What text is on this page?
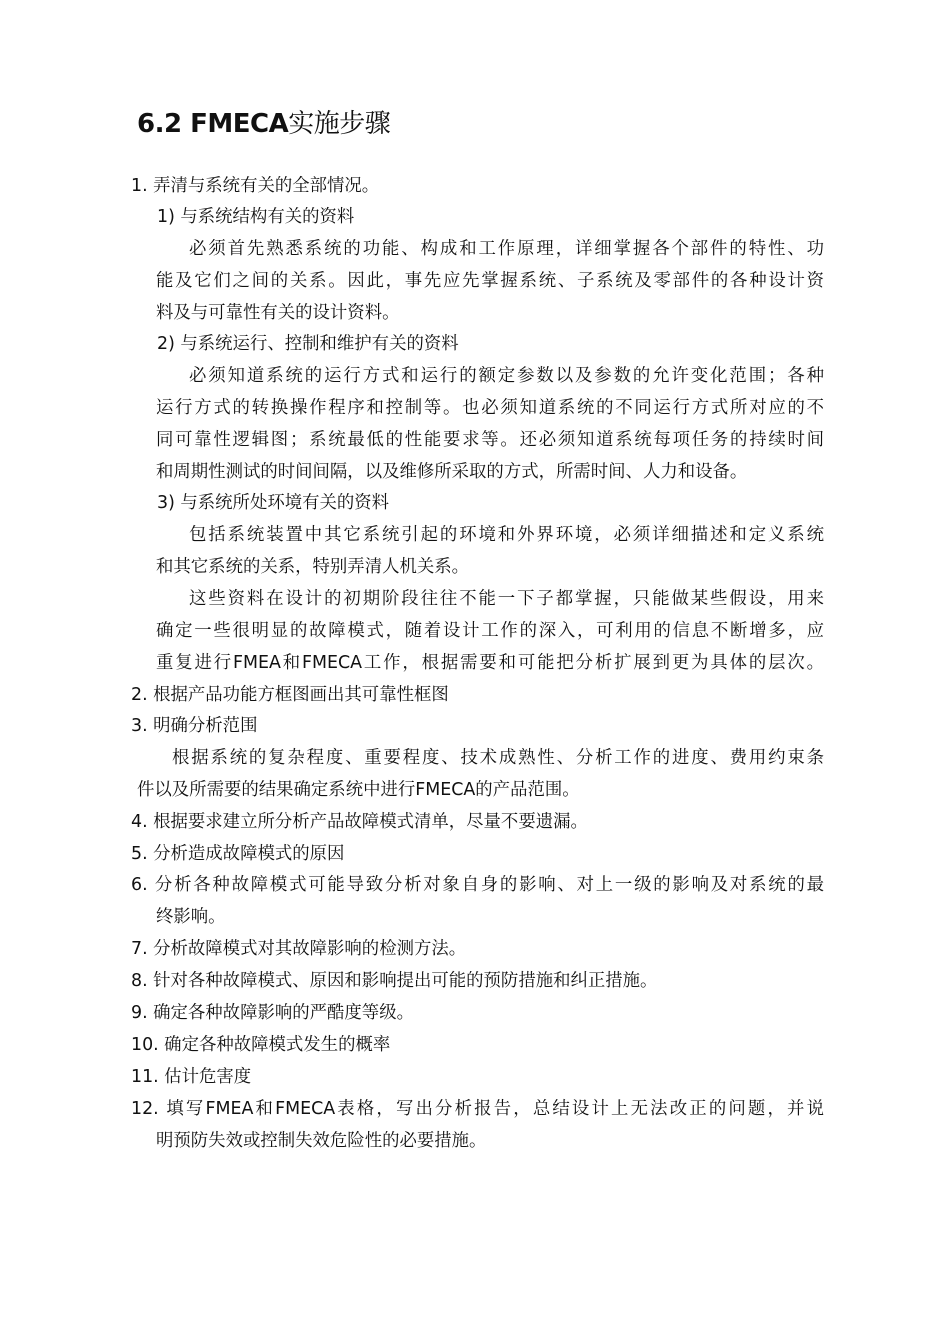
6.2 FMECA实施步骤
1. 弄清与系统有关的全部情况。
1) 与系统结构有关的资料
必须首先熟悉系统的功能、构成和工作原理，详细掌握各个部件的特性、功
能及它们之间的关系。因此，事先应先掌握系统、子系统及零部件的各种设计资
料及与可靠性有关的设计资料。
2) 与系统运行、控制和维护有关的资料
必须知道系统的运行方式和运行的额定参数以及参数的允许变化范围；各种
运行方式的转换操作程序和控制等。也必须知道系统的不同运行方式所对应的不
同可靠性逻辑图；系统最低的性能要求等。还必须知道系统每项任务的持续时间
和周期性测试的时间间隔，以及维修所采取的方式，所需时间、人力和设备。
3) 与系统所处环境有关的资料
包括系统装置中其它系统引起的环境和外界环境，必须详细描述和定义系统
和其它系统的关系，特别弄清人机关系。
这些资料在设计的初期阶段往往不能一下子都掌握，只能做某些假设，用来
确定一些很明显的故障模式，随着设计工作的深入，可利用的信息不断增多，应
重复进行FMEA和FMECA工作，根据需要和可能把分析扩展到更为具体的层次。
2. 根据产品功能方框图画出其可靠性框图
3. 明确分析范围
根据系统的复杂程度、重要程度、技术成熟性、分析工作的进度、费用约束条
件以及所需要的结果确定系统中进行FMECA的产品范围。
4. 根据要求建立所分析产品故障模式清单，尽量不要遗漏。
5. 分析造成故障模式的原因
6. 分析各种故障模式可能导致分析对象自身的影响、对上一级的影响及对系统的最
终影响。
7. 分析故障模式对其故障影响的检测方法。
8. 针对各种故障模式、原因和影响提出可能的预防措施和纠正措施。
9. 确定各种故障影响的严酷度等级。
10. 确定各种故障模式发生的概率
11. 估计危害度
12. 填写FMEA和FMECA表格，写出分析报告，总结设计上无法改正的问题，并说
明预防失效或控制失效危险性的必要措施。
